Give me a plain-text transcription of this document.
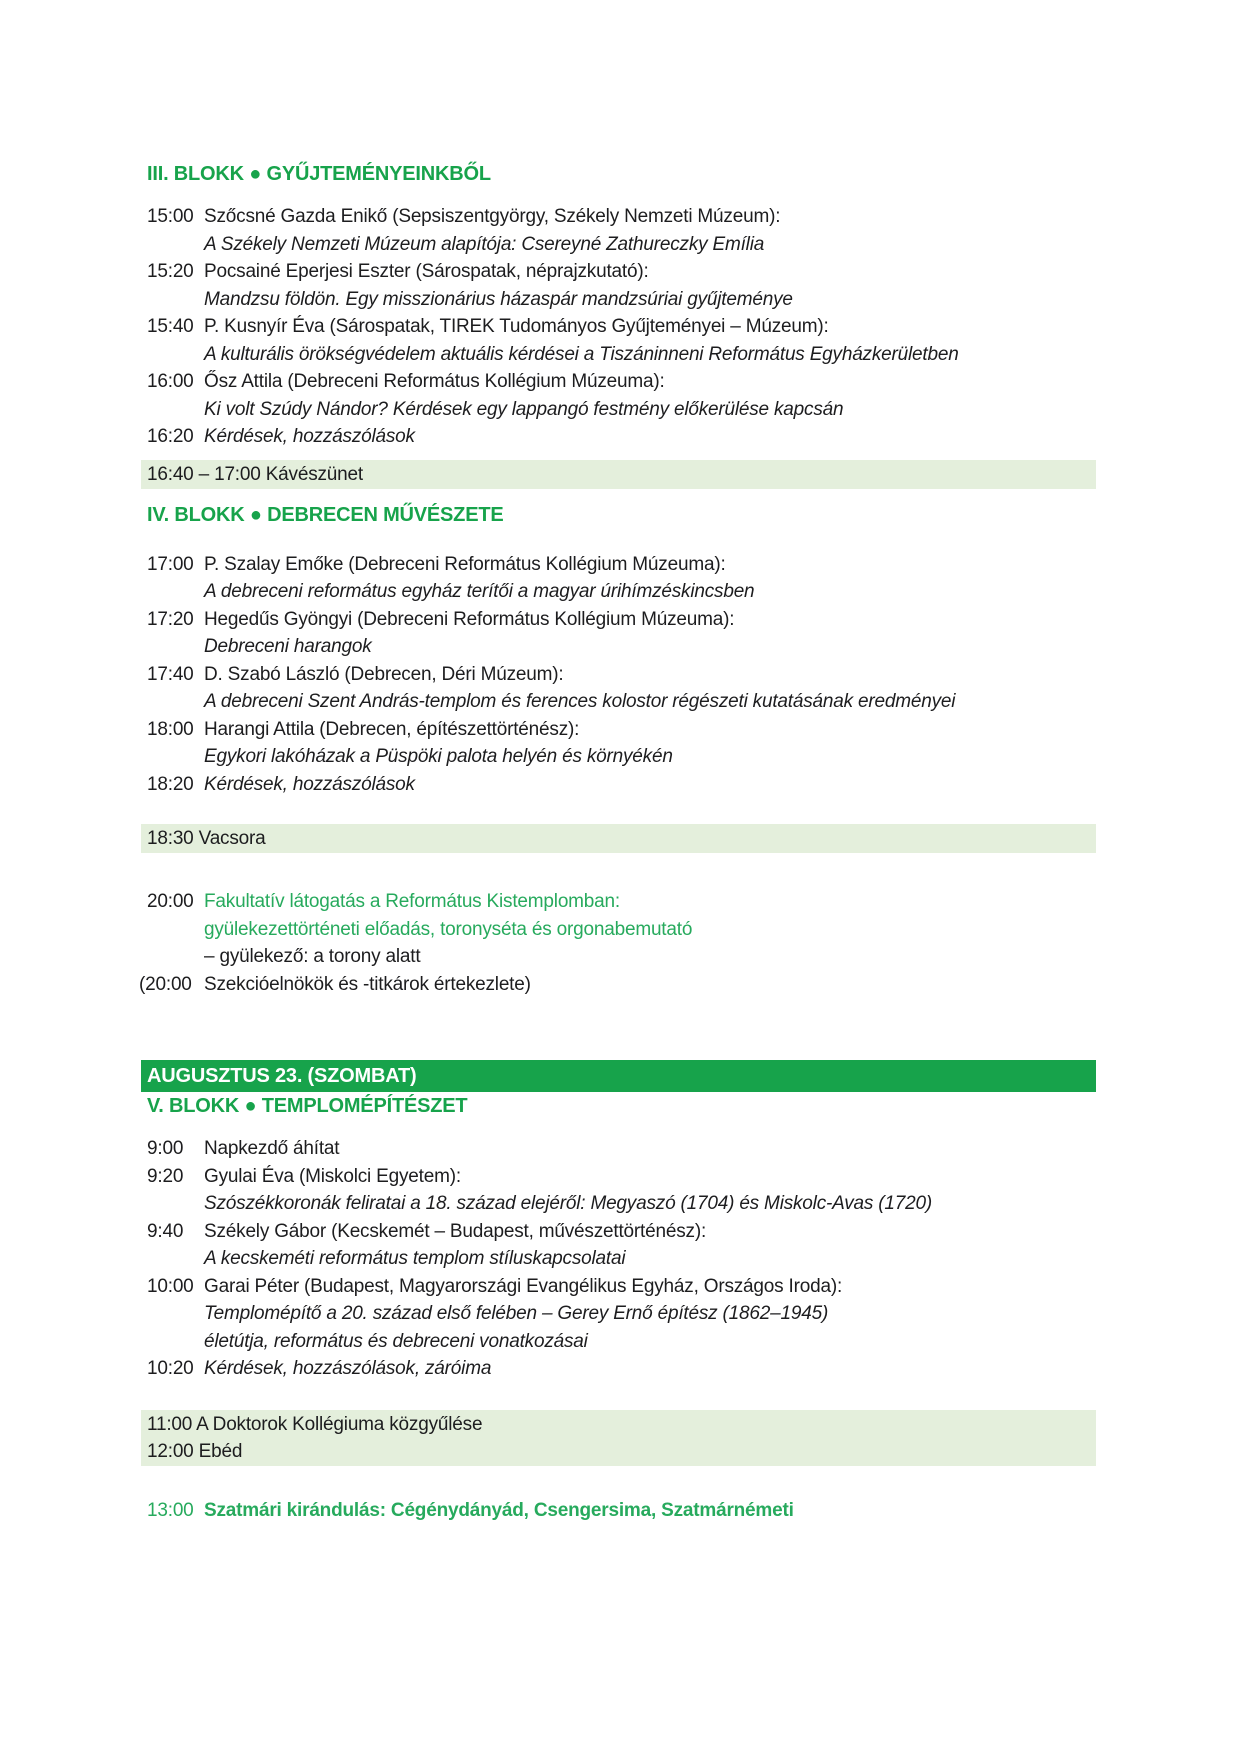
III. BLOKK ● GYŰJTEMÉNYEINKBŐL
15:00 Szőcsné Gazda Enikő (Sepsiszentgyörgy, Székely Nemzeti Múzeum):
A Székely Nemzeti Múzeum alapítója: Csereyné Zathureczky Emília
15:20 Pocsainé Eperjesi Eszter (Sárospatak, néprajzkutató):
Mandzsu földön. Egy misszionárius házaspár mandzsúriai gyűjteménye
15:40 P. Kusnyír Éva (Sárospatak, TIREK Tudományos Gyűjteményei – Múzeum):
A kulturális örökségvédelem aktuális kérdései a Tiszáninneni Református Egyházkerületben
16:00 Ősz Attila (Debreceni Református Kollégium Múzeuma):
Ki volt Szúdy Nándor? Kérdések egy lappangó festmény előkerülése kapcsán
16:20 Kérdések, hozzászólások
16:40 – 17:00 Kávészünet
IV. BLOKK ● DEBRECEN MŰVÉSZETE
17:00 P. Szalay Emőke (Debreceni Református Kollégium Múzeuma):
A debreceni református egyház terítői a magyar úrihímzéskincsben
17:20 Hegedűs Gyöngyi (Debreceni Református Kollégium Múzeuma):
Debreceni harangok
17:40 D. Szabó László (Debrecen, Déri Múzeum):
A debreceni Szent András-templom és ferences kolostor régészeti kutatásának eredményei
18:00 Harangi Attila (Debrecen, építészettörténész):
Egykori lakóházak a Püspöki palota helyén és környékén
18:20 Kérdések, hozzászólások
18:30 Vacsora
20:00 Fakultatív látogatás a Református Kistemplomban:
gyülekezettörténeti előadás, toronyséta és orgonabemutató
– gyülekező: a torony alatt
(20:00 Szekcióelnökök és -titkárok értekezlete)
AUGUSZTUS 23. (SZOMBAT)
V. BLOKK ● TEMPLOMÉPÍTÉSZET
9:00	Napkezdő áhítat
9:20	Gyulai Éva (Miskolci Egyetem):
Szószékkoronák feliratai a 18. század elejéről: Megyaszó (1704) és Miskolc-Avas (1720)
9:40	Székely Gábor (Kecskemét – Budapest, művészettörténész):
A kecskeméti református templom stíluskapcsolatai
10:00 Garai Péter (Budapest, Magyarországi Evangélikus Egyház, Országos Iroda):
Templomépítő a 20. század első felében – Gerey Ernő építész (1862–1945)
életútja, református és debreceni vonatkozásai
10:20 Kérdések, hozzászólások, záróima
11:00 A Doktorok Kollégiuma közgyűlése
12:00 Ebéd
13:00 Szatmári kirándulás: Cégénydányád, Csengersima, Szatmárnémeti
